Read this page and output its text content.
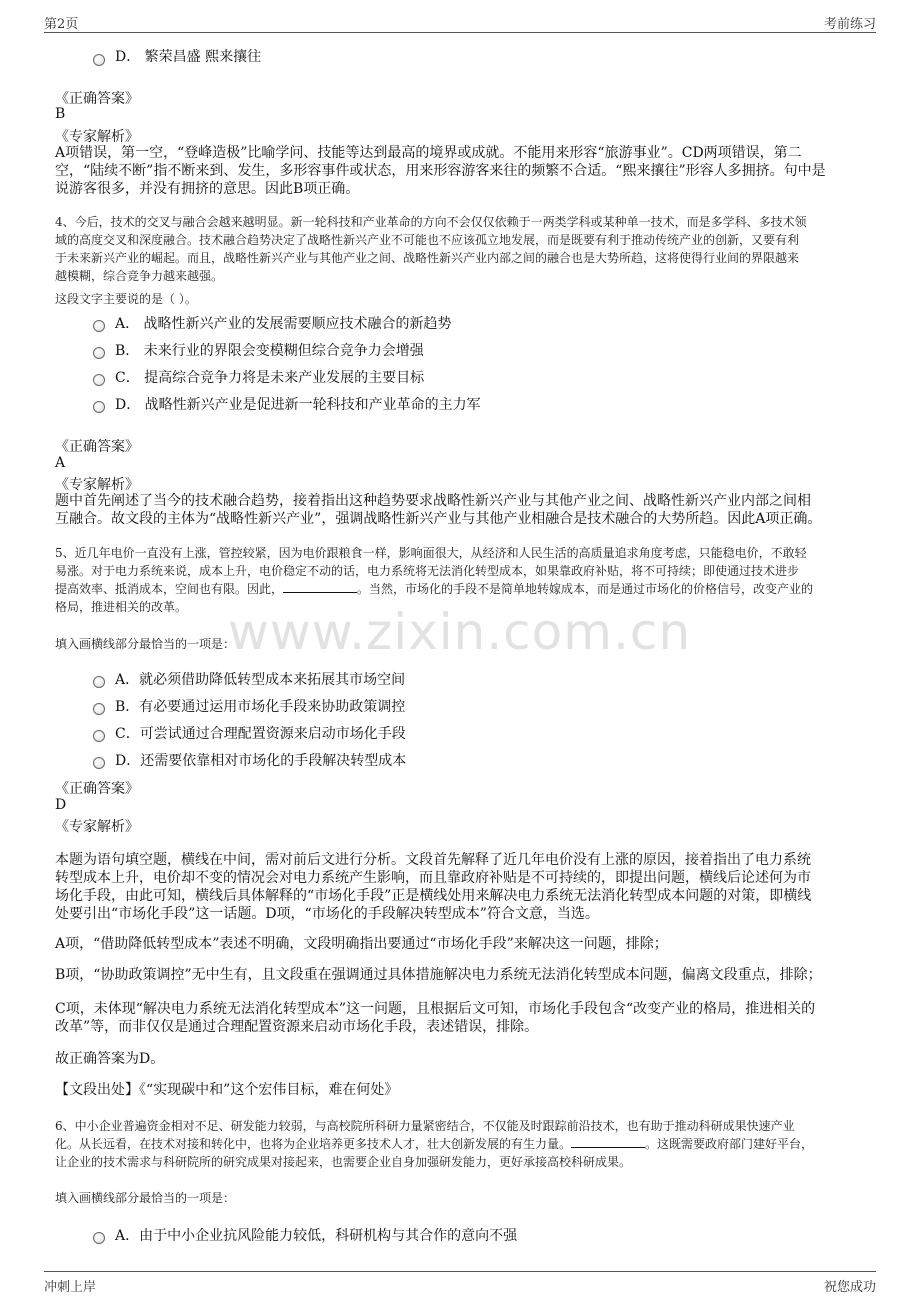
第2页	考前练习
www.zixin.com.cn
D． 繁荣昌盛 熙来攘往
《正确答案》
B
《专家解析》
A项错误，第一空，“登峰造极”比喻学问、技能等达到最高的境界或成就。不能用来形容“旅游事业”。CD两项错误，第二
空，“陆续不断”指不断来到、发生，多形容事件或状态，用来形容游客来往的频繁不合适。“熙来攘往”形容人多拥挤。句中是
说游客很多，并没有拥挤的意思。因此B项正确。
4、今后，技术的交叉与融合会越来越明显。新一轮科技和产业革命的方向不会仅仅依赖于一两类学科或某种单一技术，而是多学科、多技术领
域的高度交叉和深度融合。技术融合趋势决定了战略性新兴产业不可能也不应该孤立地发展，而是既要有利于推动传统产业的创新，又要有利
于未来新兴产业的崛起。而且，战略性新兴产业与其他产业之间、战略性新兴产业内部之间的融合也是大势所趋，这将使得行业间的界限越来
越模糊，综合竞争力越来越强。
这段文字主要说的是（ ）。
A． 战略性新兴产业的发展需要顺应技术融合的新趋势
B． 未来行业的界限会变模糊但综合竞争力会增强
C． 提高综合竞争力将是未来产业发展的主要目标
D． 战略性新兴产业是促进新一轮科技和产业革命的主力军
《正确答案》
A
《专家解析》
题中首先阐述了当今的技术融合趋势，接着指出这种趋势要求战略性新兴产业与其他产业之间、战略性新兴产业内部之间相
互融合。故文段的主体为“战略性新兴产业”，强调战略性新兴产业与其他产业相融合是技术融合的大势所趋。因此A项正确。
5、近几年电价一直没有上涨，管控较紧，因为电价跟粮食一样，影响面很大，从经济和人民生活的高质量追求角度考虑，只能稳电价，不敢轻
易涨。对于电力系统来说，成本上升，电价稳定不动的话，电力系统将无法消化转型成本，如果靠政府补贴，将不可持续；即使通过技术进步
提高效率、抵消成本，空间也有限。因此，	。当然，市场化的手段不是简单地转嫁成本，而是通过市场化的价格信号，改变产业的
格局，推进相关的改革。
填入画横线部分最恰当的一项是：
A．就必须借助降低转型成本来拓展其市场空间
B．有必要通过运用市场化手段来协助政策调控
C．可尝试通过合理配置资源来启动市场化手段
D．还需要依靠相对市场化的手段解决转型成本
《正确答案》
D
《专家解析》
本题为语句填空题，横线在中间，需对前后文进行分析。文段首先解释了近几年电价没有上涨的原因，接着指出了电力系统
转型成本上升，电价却不变的情况会对电力系统产生影响，而且靠政府补贴是不可持续的，即提出问题，横线后论述何为市
场化手段，由此可知，横线后具体解释的“市场化手段”正是横线处用来解决电力系统无法消化转型成本问题的对策，即横线
处要引出“市场化手段”这一话题。D项，“市场化的手段解决转型成本”符合文意，当选。
A项，“借助降低转型成本”表述不明确，文段明确指出要通过“市场化手段”来解决这一问题，排除；
B项，“协助政策调控”无中生有，且文段重在强调通过具体措施解决电力系统无法消化转型成本问题，偏离文段重点，排除；
C项，未体现“解决电力系统无法消化转型成本”这一问题，且根据后文可知，市场化手段包含“改变产业的格局，推进相关的
改革”等，而非仅仅是通过合理配置资源来启动市场化手段，表述错误，排除。
故正确答案为D。
【文段出处】《“实现碳中和”这个宏伟目标，难在何处》
6、中小企业普遍资金相对不足、研发能力较弱，与高校院所科研力量紧密结合，不仅能及时跟踪前沿技术，也有助于推动科研成果快速产业
化。从长远看，在技术对接和转化中，也将为企业培养更多技术人才，壮大创新发展的有生力量。	。这既需要政府部门建好平台，
让企业的技术需求与科研院所的研究成果对接起来，也需要企业自身加强研发能力，更好承接高校科研成果。
填入画横线部分最恰当的一项是：
A．由于中小企业抗风险能力较低，科研机构与其合作的意向不强
冲刺上岸	祝您成功
